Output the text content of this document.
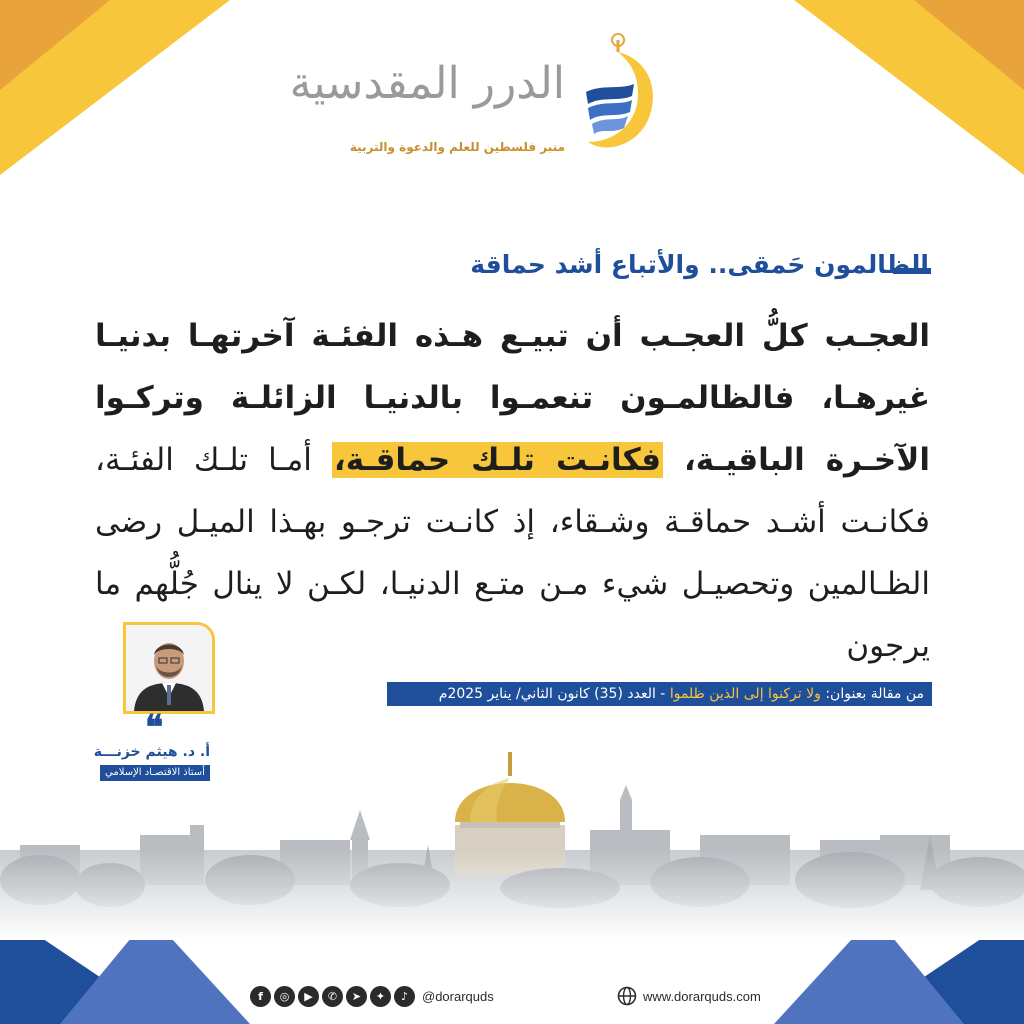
الدرر المقدسية
منبر فلسطين للعلم والدعوة والتربية
الظالمون حَمقى.. والأتباع أشد حماقة
العجـب كلُّ العجـب أن تبيـع هـذه الفئـة آخرتهـا بدنيـا غيرهـا، فالظالمـون تنعمـوا بالدنيـا الزائلـة وتركـوا الآخـرة الباقيـة، فكانـت تلـك حماقـة، أمـا تلـك الفئـة، فكانـت أشـد حماقـة وشـقاء، إذ كانـت ترجـو بهـذا الميـل رضى الظـالمين وتحصيـل شيء مـن متـع الدنيـا، لكـن لا ينال جُلُّهم ما يرجون
من مقالة بعنوان: ولا تركنوا إلى الذين ظلموا - العدد (35) كانون الثاني/ يناير 2025م
❝
أ. د. هيثم خزنـــة
أستاذ الاقتصـاد الإسلامي
f	◎	▶	✆	➤	✦	♪	@dorarquds	www.dorarquds.com
